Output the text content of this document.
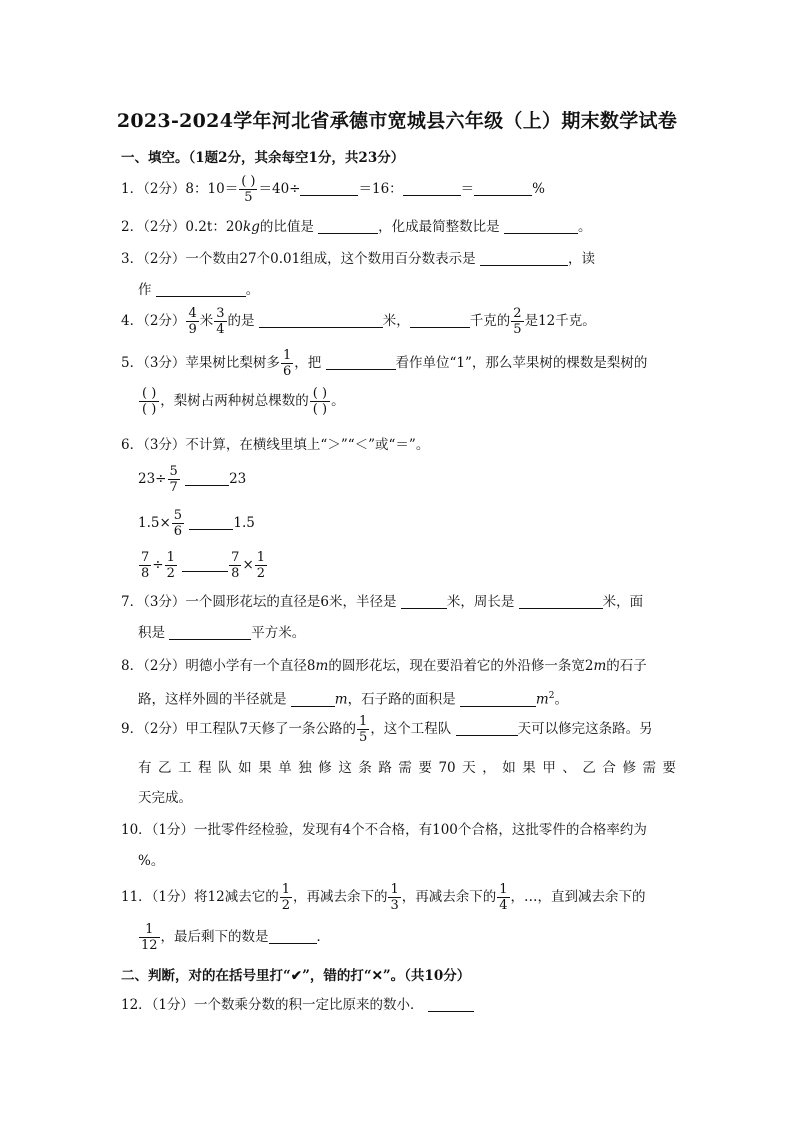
2023-2024学年河北省承德市宽城县六年级（上）期末数学试卷
一、填空。（1题2分，其余每空1分，共23分）
1．（2分）8：$10= \frac{( )}{5} =40\div$	＝16：	＝	%
2．（2分）0.2t：20kg的比值是	，化成最简整数比是	。
3．（2分）一个数由27个0.01组成，这个数用百分数表示是	，读
作	。
4．（2分） $\frac{4}{9}$ 米 $\frac{3}{4}$ 的是	米，	千克的 $\frac{2}{5}$ 是12千克。
5．（3分）苹果树比梨树多 $\frac{1}{6}$ ，把	看作单位“1”，那么苹果树的棵数是梨树的
$\frac{( )}{( )}$ ，梨树占两种树总棵数的 $\frac{( )}{( )}$ 。
6．（3分）不计算，在横线里填上“＞”“＜”或“＝”。
$23\div \frac{5}{7}$	23
$1.5\times \frac{5}{6}$	1.5
$\frac{7}{8} \div \frac{1}{2}$
	$\frac{7}{8} \times \frac{1}{2}$
7．（3分）一个圆形花坛的直径是6米，半径是	米，周长是	米，面
积是	平方米。
8．（2分）明德小学有一个直径8m的圆形花坛，现在要沿着它的外沿修一条宽2m的石子
路，这样外圆的半径就是	m，石子路的面积是	$m^2$。
9．（2分）甲工程队7天修了一条公路的 $\frac{1}{5}$ ，这个工程队	天可以修完这条路。另
有 乙 工 程 队 如 果 单 独 修 这 条 路 需 要 70 天 ， 如 果 甲 、 乙 合 修 需 要
天完成。
10．（1分）一批零件经检验，发现有4个不合格，有100个合格，这批零件的合格率约为
%。
11．（1分）将12减去它的 $\frac{1}{2}$ ，再减去余下的 $\frac{1}{3}$ ，再减去余下的 $\frac{1}{4}$ ，…，直到减去余下的
$\frac{1}{12}$ ，最后剩下的数是	．
二、判断，对的在括号里打“✔”，错的打“✕”。（共10分）
12．（1分）一个数乘分数的积一定比原来的数小．
